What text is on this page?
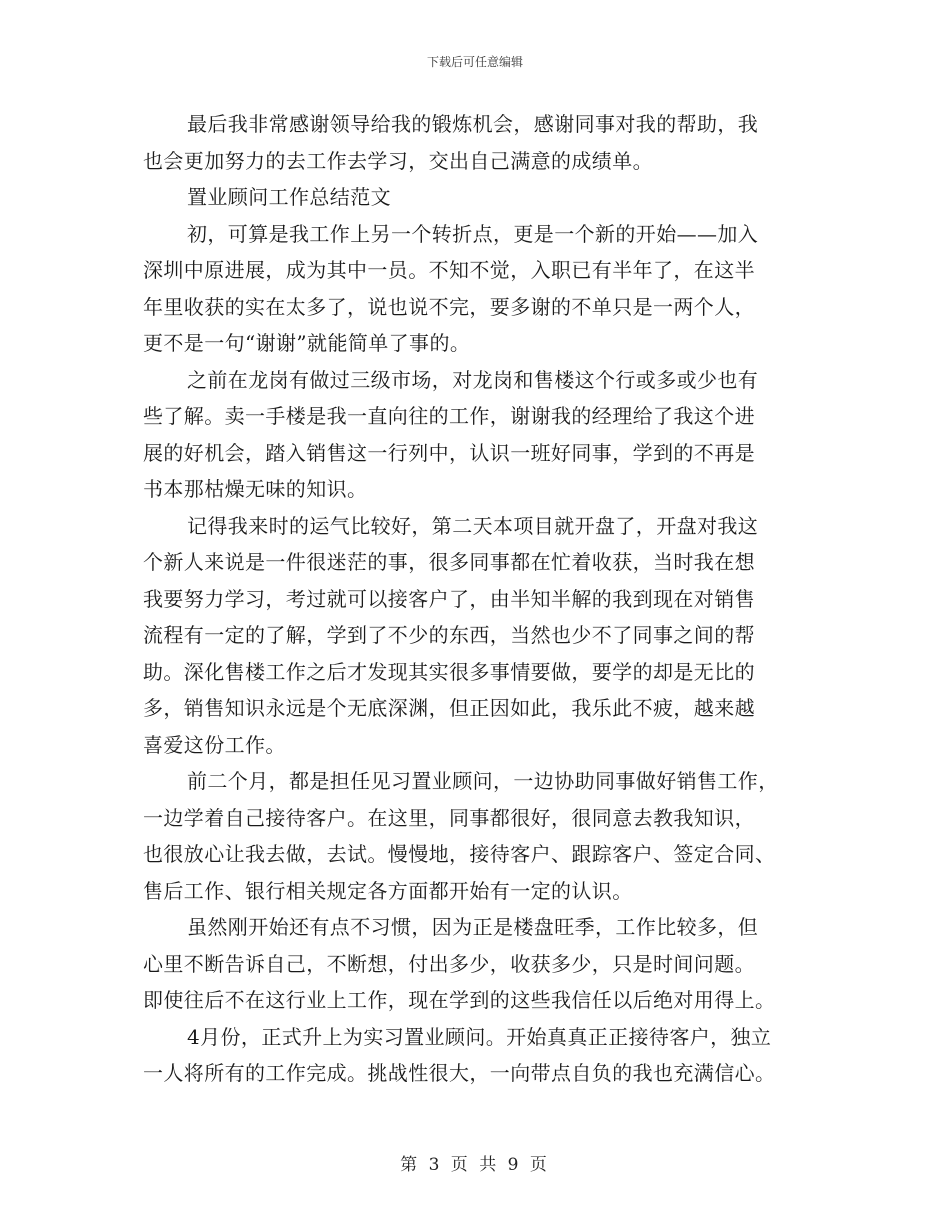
下载后可任意编辑

最后我非常感谢领导给我的锻炼机会，感谢同事对我的帮助，我
也会更加努力的去工作去学习，交出自己满意的成绩单。

置业顾问工作总结范文

初，可算是我工作上另一个转折点，更是一个新的开始——加入
深圳中原进展，成为其中一员。不知不觉，入职已有半年了，在这半
年里收获的实在太多了，说也说不完，要多谢的不单只是一两个人，
更不是一句“谢谢”就能简单了事的。

之前在龙岗有做过三级市场，对龙岗和售楼这个行或多或少也有
些了解。卖一手楼是我一直向往的工作，谢谢我的经理给了我这个进
展的好机会，踏入销售这一行列中，认识一班好同事，学到的不再是
书本那枯燥无味的知识。

记得我来时的运气比较好，第二天本项目就开盘了，开盘对我这
个新人来说是一件很迷茫的事，很多同事都在忙着收获，当时我在想
我要努力学习，考过就可以接客户了，由半知半解的我到现在对销售
流程有一定的了解，学到了不少的东西，当然也少不了同事之间的帮
助。深化售楼工作之后才发现其实很多事情要做，要学的却是无比的
多，销售知识永远是个无底深渊，但正因如此，我乐此不疲，越来越
喜爱这份工作。

前二个月，都是担任见习置业顾问，一边协助同事做好销售工作，
一边学着自己接待客户。在这里，同事都很好，很同意去教我知识，
也很放心让我去做，去试。慢慢地，接待客户、跟踪客户、签定合同、
售后工作、银行相关规定各方面都开始有一定的认识。

虽然刚开始还有点不习惯，因为正是楼盘旺季，工作比较多，但
心里不断告诉自己，不断想，付出多少，收获多少，只是时间问题。
即使往后不在这行业上工作，现在学到的这些我信任以后绝对用得上。

4月份，正式升上为实习置业顾问。开始真真正正接待客户，独立
一人将所有的工作完成。挑战性很大，一向带点自负的我也充满信心。

第 3 页 共 9 页
